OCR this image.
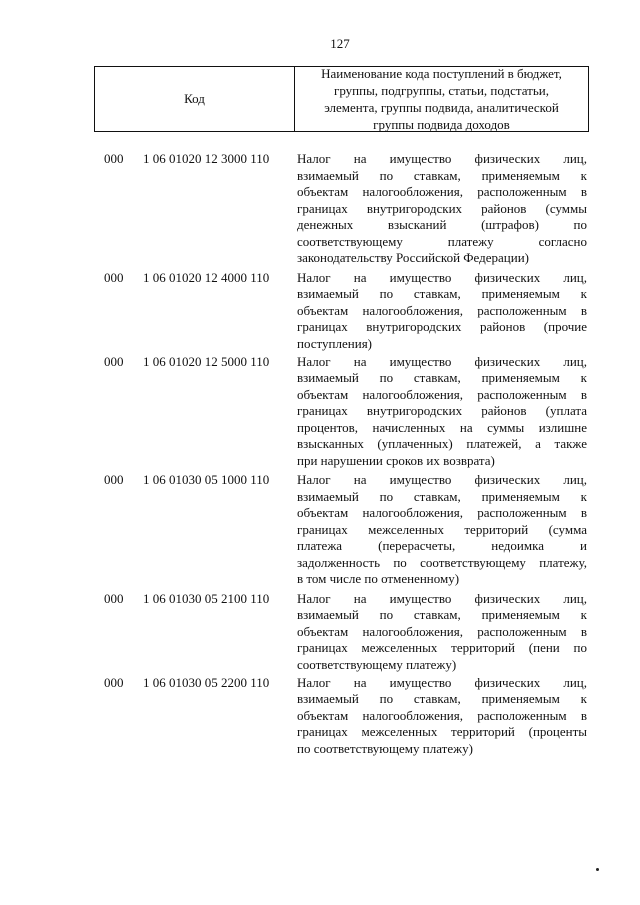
127
Код
Наименование кода поступлений в бюджет,
группы, подгруппы, статьи, подстатьи,
элемента, группы подвида, аналитической
группы подвида доходов
000 1 06 01020 12 3000 110 Налог на имущество физических лиц,
взимаемый по ставкам, применяемым к
объектам налогообложения, расположенным в
границах внутригородских районов (суммы
денежных взысканий (штрафов) по
соответствующему платежу согласно
законодательству Российской Федерации)
000 1 06 01020 12 4000 110 Налог на имущество физических лиц,
взимаемый по ставкам, применяемым к
объектам налогообложения, расположенным в
границах внутригородских районов (прочие
поступления)
000 1 06 01020 12 5000 110 Налог на имущество физических лиц,
взимаемый по ставкам, применяемым к
объектам налогообложения, расположенным в
границах внутригородских районов (уплата
процентов, начисленных на суммы излишне
взысканных (уплаченных) платежей, а также
при нарушении сроков их возврата)
000 1 06 01030 05 1000 110 Налог на имущество физических лиц,
взимаемый по ставкам, применяемым к
объектам налогообложения, расположенным в
границах межселенных территорий (сумма
платежа (перерасчеты, недоимка и
задолженность по соответствующему платежу,
в том числе по отмененному)
000 1 06 01030 05 2100 110 Налог на имущество физических лиц,
взимаемый по ставкам, применяемым к
объектам налогообложения, расположенным в
границах межселенных территорий (пени по
соответствующему платежу)
000 1 06 01030 05 2200 110 Налог на имущество физических лиц,
взимаемый по ставкам, применяемым к
объектам налогообложения, расположенным в
границах межселенных территорий (проценты
по соответствующему платежу)
